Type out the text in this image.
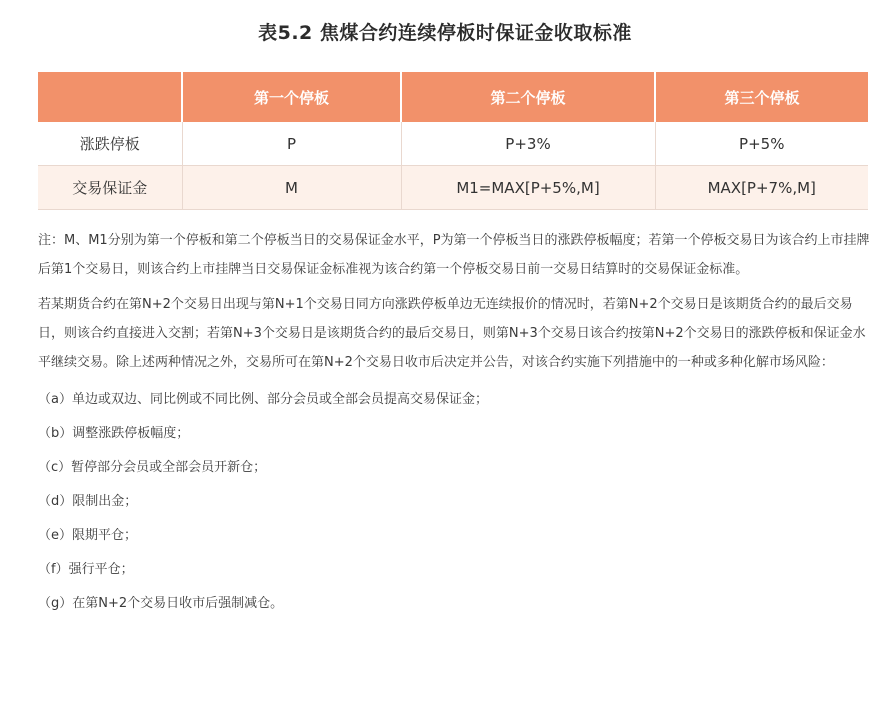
表5.2 焦煤合约连续停板时保证金收取标准
	第一个停板	第二个停板	第三个停板
涨跌停板	P	P+3%	P+5%
交易保证金	M	M1=MAX[P+5%,M]	MAX[P+7%,M]

注：M、M1分别为第一个停板和第二个停板当日的交易保证金水平，P为第一个停板当日的涨跌停板幅度；若第一个停板交易日为该合约上市挂牌后第1个交易日，则该合约上市挂牌当日交易保证金标准视为该合约第一个停板交易日前一交易日结算时的交易保证金标准。

若某期货合约在第N+2个交易日出现与第N+1个交易日同方向涨跌停板单边无连续报价的情况时，若第N+2个交易日是该期货合约的最后交易日，则该合约直接进入交割；若第N+3个交易日是该期货合约的最后交易日，则第N+3个交易日该合约按第N+2个交易日的涨跌停板和保证金水平继续交易。除上述两种情况之外，交易所可在第N+2个交易日收市后决定并公告，对该合约实施下列措施中的一种或多种化解市场风险：

（a）单边或双边、同比例或不同比例、部分会员或全部会员提高交易保证金；

（b）调整涨跌停板幅度；

（c）暂停部分会员或全部会员开新仓；

（d）限制出金；

（e）限期平仓；

（f）强行平仓；

（g）在第N+2个交易日收市后强制减仓。
